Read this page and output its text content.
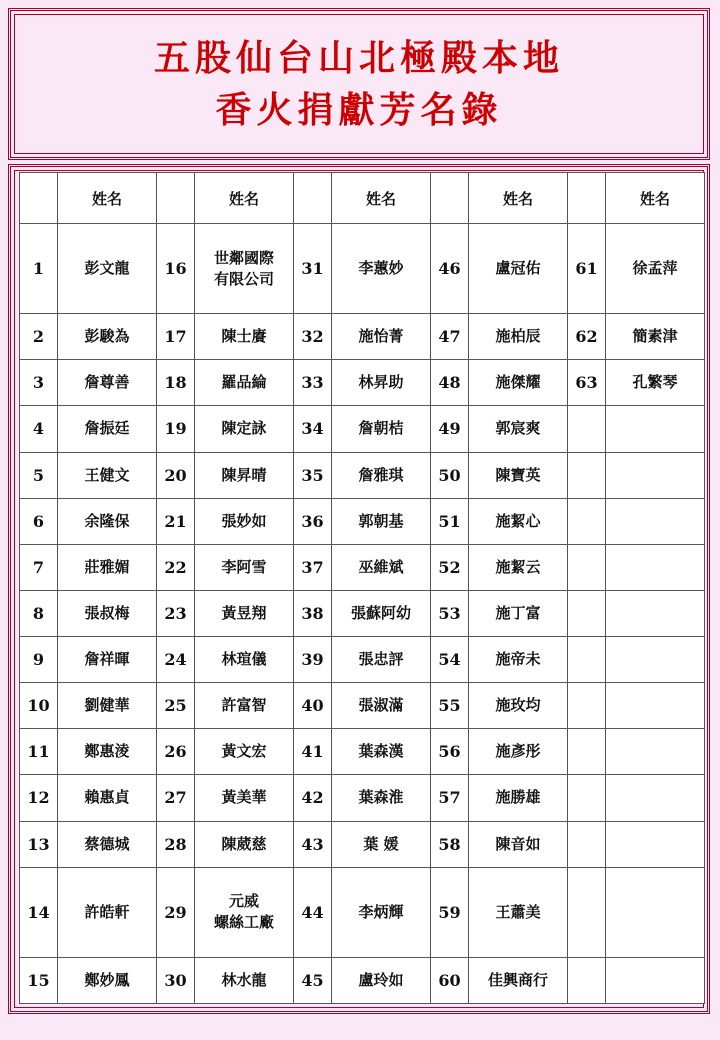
五股仙台山北極殿本地
香火捐獻芳名錄
	姓名		姓名		姓名		姓名		姓名
1	彭文龍	16	世鄰國際
有限公司	31	李蕙妙	46	盧冠佑	61	徐孟萍
2	彭駿為	17	陳士賡	32	施怡菁	47	施柏辰	62	簡素津
3	詹尊善	18	羅品綸	33	林昇助	48	施傑耀	63	孔繁琴
4	詹振廷	19	陳定詠	34	詹朝桔	49	郭宸爽		
5	王健文	20	陳昇晴	35	詹雅琪	50	陳寶英		
6	余隆保	21	張妙如	36	郭朝基	51	施絜心		
7	莊雅媚	22	李阿雪	37	巫維斌	52	施絜云		
8	張叔梅	23	黃昱翔	38	張蘇阿幼	53	施丁富		
9	詹祥暉	24	林瑄儀	39	張忠評	54	施帝未		
10	劉健華	25	許富智	40	張淑滿	55	施玫均		
11	鄭惠淩	26	黃文宏	41	葉森漢	56	施彥彤		
12	賴惠貞	27	黃美華	42	葉森淮	57	施勝雄		
13	蔡德城	28	陳葳慈	43	葉 媛	58	陳音如		
14	許皓軒	29	元威
螺絲工廠	44	李炳輝	59	王蕭美		
15	鄭妙鳳	30	林水龍	45	盧玲如	60	佳興商行		
